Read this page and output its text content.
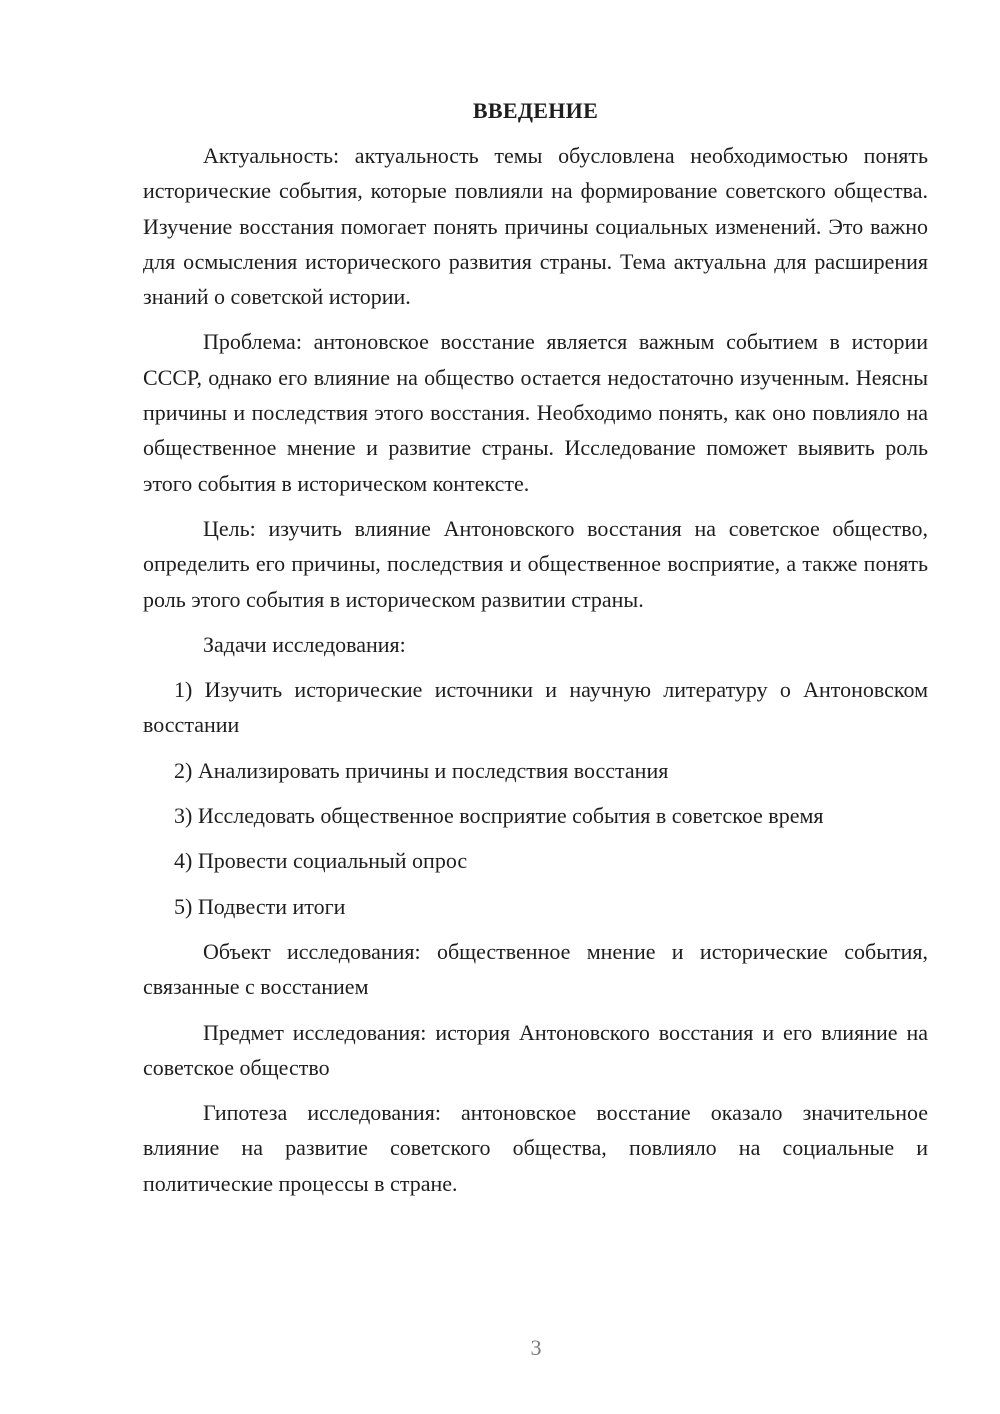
ВВЕДЕНИЕ

Актуальность: актуальность темы обусловлена необходимостью понять исторические события, которые повлияли на формирование советского общества. Изучение восстания помогает понять причины социальных изменений. Это важно для осмысления исторического развития страны. Тема актуальна для расширения знаний о советской истории.

Проблема: антоновское восстание является важным событием в истории СССР, однако его влияние на общество остается недостаточно изученным. Неясны причины и последствия этого восстания. Необходимо понять, как оно повлияло на общественное мнение и развитие страны. Исследование поможет выявить роль этого события в историческом контексте.

Цель: изучить влияние Антоновского восстания на советское общество, определить его причины, последствия и общественное восприятие, а также понять роль этого события в историческом развитии страны.

Задачи исследования:

1) Изучить исторические источники и научную литературу о Антоновском восстании

2) Анализировать причины и последствия восстания

3) Исследовать общественное восприятие события в советское время

4) Провести социальный опрос

5) Подвести итоги

Объект исследования: общественное мнение и исторические события, связанные с восстанием

Предмет исследования: история Антоновского восстания и его влияние на советское общество

Гипотеза исследования: антоновское восстание оказало значительное влияние на развитие советского общества, повлияло на социальные и политические процессы в стране.

3
